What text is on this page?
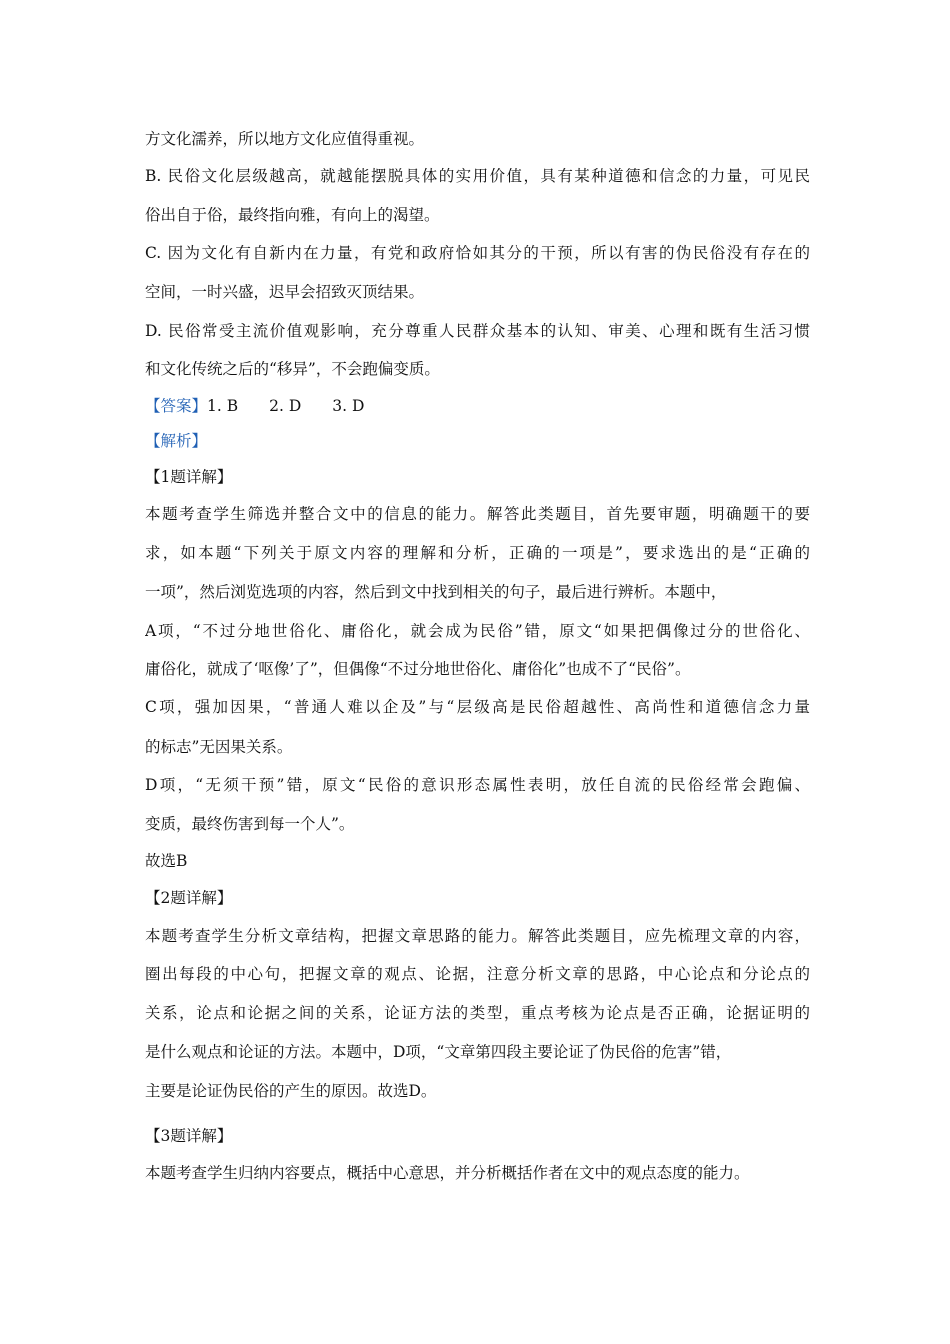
方文化濡养，所以地方文化应值得重视。
B. 民俗文化层级越高，就越能摆脱具体的实用价值，具有某种道德和信念的力量，可见民
俗出自于俗，最终指向雅，有向上的渴望。
C. 因为文化有自新内在力量，有党和政府恰如其分的干预，所以有害的伪民俗没有存在的
空间，一时兴盛，迟早会招致灭顶结果。
D. 民俗常受主流价值观影响，充分尊重人民群众基本的认知、审美、心理和既有生活习惯
和文化传统之后的“移异”，不会跑偏变质。
【答案】1. B　　2. D　　3. D
【解析】
【1题详解】
本题考查学生筛选并整合文中的信息的能力。解答此类题目，首先要审题，明确题干的要
求，如本题“下列关于原文内容的理解和分析，正确的一项是”，要求选出的是“正确的
一项”，然后浏览选项的内容，然后到文中找到相关的句子，最后进行辨析。本题中，
A项，“不过分地世俗化、庸俗化，就会成为民俗”错，原文“如果把偶像过分的世俗化、
庸俗化，就成了‘呕像’了”，但偶像“不过分地世俗化、庸俗化”也成不了“民俗”。
C项，强加因果，“普通人难以企及”与“层级高是民俗超越性、高尚性和道德信念力量
的标志”无因果关系。
D项，“无须干预”错，原文“民俗的意识形态属性表明，放任自流的民俗经常会跑偏、
变质，最终伤害到每一个人”。
故选B
【2题详解】
本题考查学生分析文章结构，把握文章思路的能力。解答此类题目，应先梳理文章的内容，
圈出每段的中心句，把握文章的观点、论据，注意分析文章的思路，中心论点和分论点的
关系，论点和论据之间的关系，论证方法的类型，重点考核为论点是否正确，论据证明的
是什么观点和论证的方法。本题中，D项，“文章第四段主要论证了伪民俗的危害”错，
主要是论证伪民俗的产生的原因。故选D。
【3题详解】
本题考查学生归纳内容要点，概括中心意思，并分析概括作者在文中的观点态度的能力。
